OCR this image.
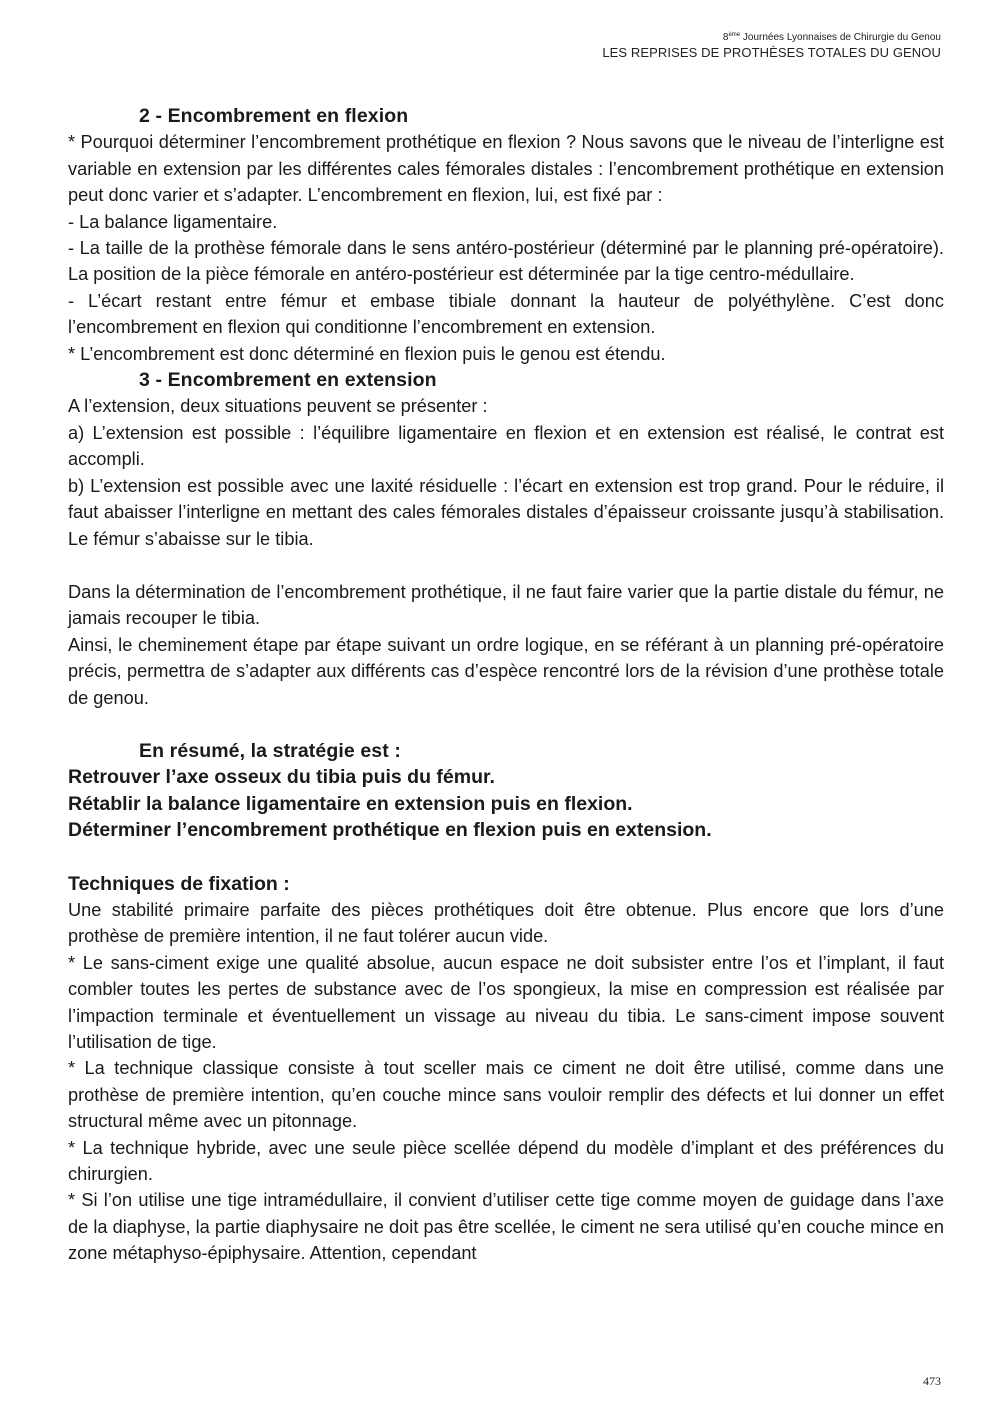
8ème Journées Lyonnaises de Chirurgie du Genou
LES REPRISES DE PROTHÈSES TOTALES DU GENOU

2 - Encombrement en flexion

* Pourquoi déterminer l’encombrement prothétique en flexion ? Nous savons que le niveau de l’interligne est variable en extension par les différentes cales fémorales distales : l’encombrement prothétique en extension peut donc varier et s’adapter. L’encombrement en flexion, lui, est fixé par :

- La balance ligamentaire.

- La taille de la prothèse fémorale dans le sens antéro-postérieur (déterminé par le planning pré-opératoire). La position de la pièce fémorale en antéro-postérieur est déterminée par la tige centro-médullaire.

- L’écart restant entre fémur et embase tibiale donnant la hauteur de polyéthylène. C’est donc l’encombrement en flexion qui conditionne l’encombrement en extension.

* L’encombrement est donc déterminé en flexion puis le genou est étendu.

3 - Encombrement en extension

A l’extension, deux situations peuvent se présenter :

a) L’extension est possible : l’équilibre ligamentaire en flexion et en extension est réalisé, le contrat est accompli.

b) L’extension est possible avec une laxité résiduelle : l’écart en extension est trop grand. Pour le réduire, il faut abaisser l’interligne en mettant des cales fémorales distales d’épaisseur croissante jusqu’à stabilisation. Le fémur s’abaisse sur le tibia.

Dans la détermination de l’encombrement prothétique, il ne faut faire varier que la partie distale du fémur, ne jamais recouper le tibia.

Ainsi, le cheminement étape par étape suivant un ordre logique, en se référant à un planning pré-opératoire précis, permettra de s’adapter aux différents cas d’espèce rencontré lors de la révision d’une prothèse totale de genou.

En résumé, la stratégie est :

Retrouver l’axe osseux du tibia puis du fémur.

Rétablir la balance ligamentaire en extension puis en flexion.

Déterminer l’encombrement prothétique en flexion puis en extension.

Techniques de fixation :

Une stabilité primaire parfaite des pièces prothétiques doit être obtenue. Plus encore que lors d’une prothèse de première intention, il ne faut tolérer aucun vide.

* Le sans-ciment exige une qualité absolue, aucun espace ne doit subsister entre l’os et l’implant, il faut combler toutes les pertes de substance avec de l’os spongieux, la mise en compression est réalisée par l’impaction terminale et éventuellement un vissage au niveau du tibia. Le sans-ciment impose souvent l’utilisation de tige.

* La technique classique consiste à tout sceller mais ce ciment ne doit être utilisé, comme dans une prothèse de première intention, qu’en couche mince sans vouloir remplir des défects et lui donner un effet structural même avec un pitonnage.

* La technique hybride, avec une seule pièce scellée dépend du modèle d’implant et des préférences du chirurgien.

* Si l’on utilise une tige intramédullaire, il convient d’utiliser cette tige comme moyen de guidage dans l’axe de la diaphyse, la partie diaphysaire ne doit pas être scellée, le ciment ne sera utilisé qu’en couche mince en zone métaphyso-épiphysaire. Attention, cependant

473
